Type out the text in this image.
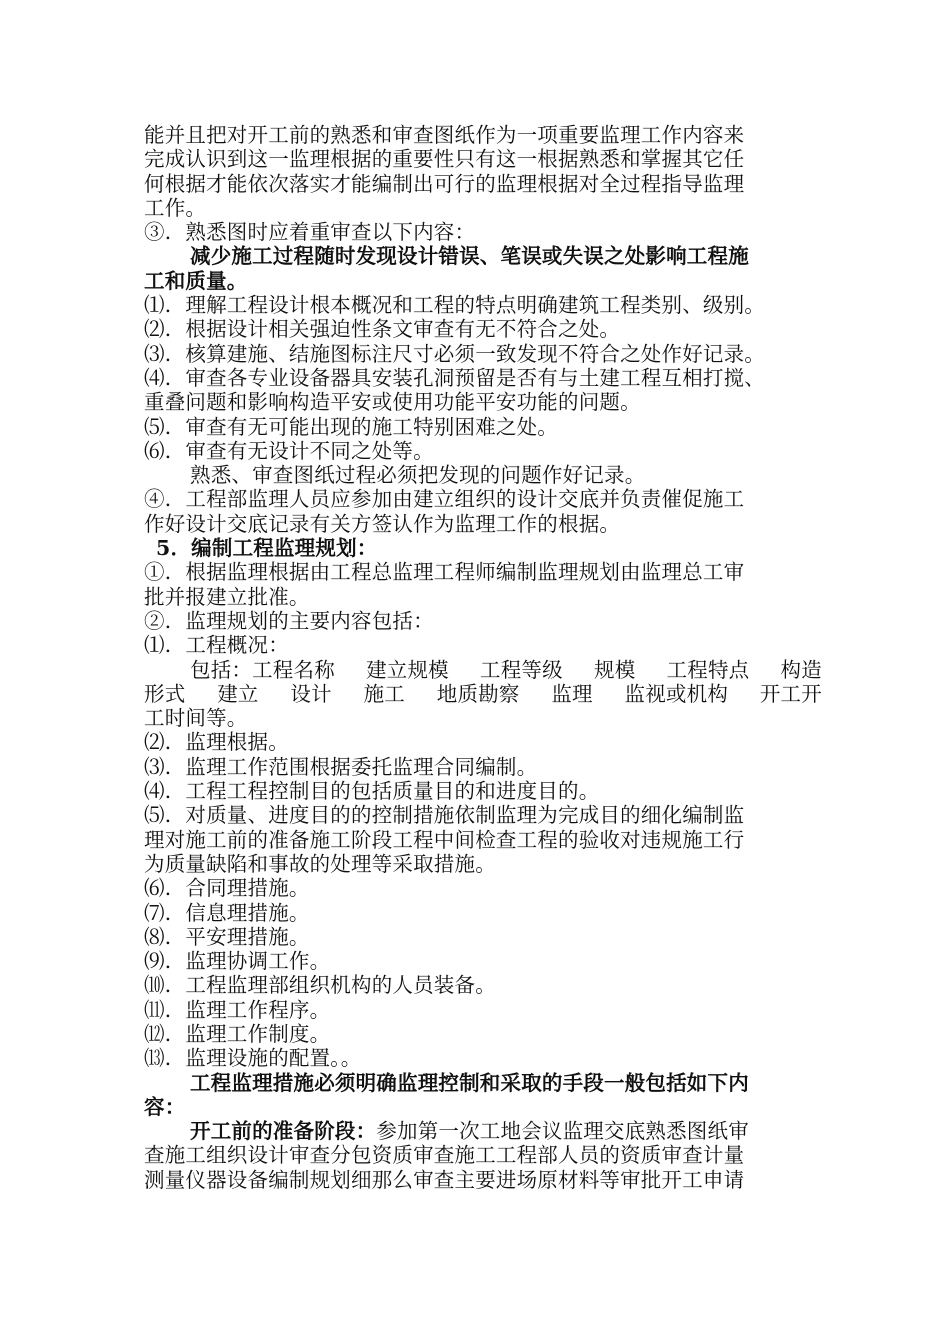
能并且把对开工前的熟悉和审查图纸作为一项重要监理工作内容来
完成认识到这一监理根据的重要性只有这一根据熟悉和掌握其它任
何根据才能依次落实才能编制出可行的监理根据对全过程指导监理
工作。
③．熟悉图时应着重审查以下内容：
减少施工过程随时发现设计错误、笔误或失误之处影响工程施
工和质量。
⑴．理解工程设计根本概况和工程的特点明确建筑工程类别、级别。
⑵．根据设计相关强迫性条文审查有无不符合之处。
⑶．核算建施、结施图标注尺寸必须一致发现不符合之处作好记录。
⑷．审查各专业设备器具安装孔洞预留是否有与土建工程互相打搅、
重叠问题和影响构造平安或使用功能平安功能的问题。
⑸．审查有无可能出现的施工特别困难之处。
⑹．审查有无设计不同之处等。
熟悉、审查图纸过程必须把发现的问题作好记录。
④．工程部监理人员应参加由建立组织的设计交底并负责催促施工
作好设计交底记录有关方签认作为监理工作的根据。
5．编制工程监理规划：
①．根据监理根据由工程总监理工程师编制监理规划由监理总工审
批并报建立批准。
②．监理规划的主要内容包括：
⑴．工程概况：
包括：工程名称 建立规模 工程等级 规模 工程特点 构造
形式 建立 设计 施工 地质勘察 监理 监视或机构 开工开
工时间等。
⑵．监理根据。
⑶．监理工作范围根据委托监理合同编制。
⑷．工程工程控制目的包括质量目的和进度目的。
⑸．对质量、进度目的的控制措施依制监理为完成目的细化编制监
理对施工前的准备施工阶段工程中间检查工程的验收对违规施工行
为质量缺陷和事故的处理等采取措施。
⑹．合同理措施。
⑺．信息理措施。
⑻．平安理措施。
⑼．监理协调工作。
⑽．工程监理部组织机构的人员装备。
⑾．监理工作程序。
⑿．监理工作制度。
⒀．监理设施的配置。。
工程监理措施必须明确监理控制和采取的手段一般包括如下内
容：
开工前的准备阶段：参加第一次工地会议监理交底熟悉图纸审
查施工组织设计审查分包资质审查施工工程部人员的资质审查计量
测量仪器设备编制规划细那么审查主要进场原材料等审批开工申请
